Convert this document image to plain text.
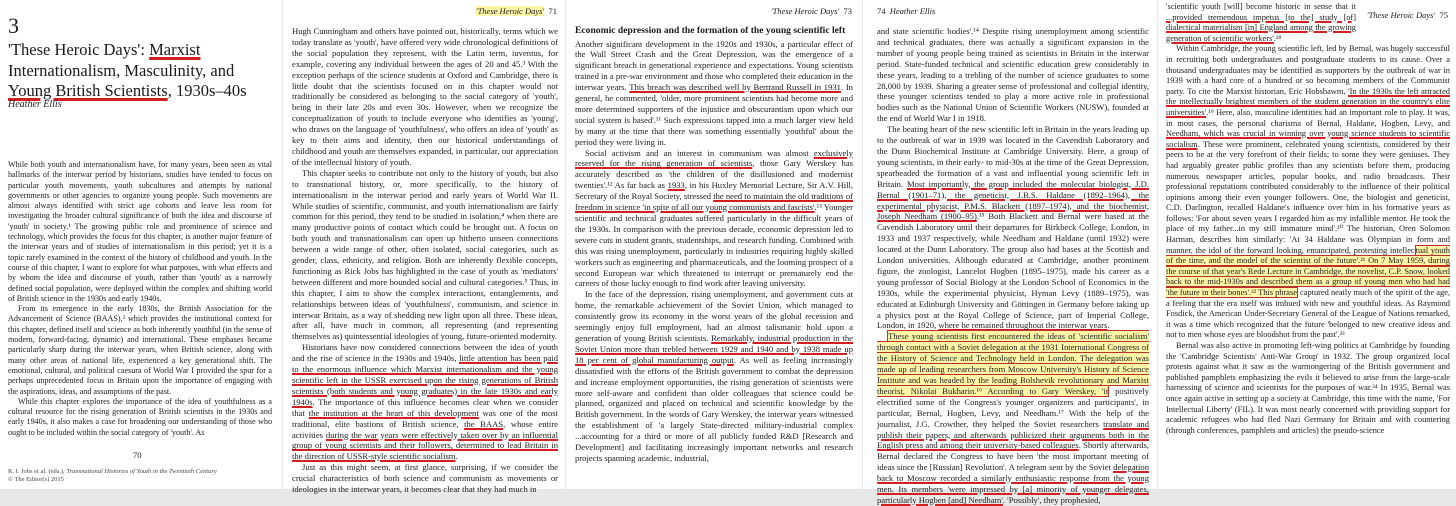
3
'These Heroic Days': Marxist Internationalism, Masculinity, and Young British Scientists, 1930s–40s
Heather Ellis

While both youth and internationalism have, for many years, been seen as vital hallmarks of the interwar period by historians, studies have tended to focus on particular youth movements, youth subcultures and attempts by national governments or other agencies to organize young people. Such movements are almost always identified with strict age cohorts and leave less room for investigating the broader cultural significance of both the idea and discourse of 'youth' in society.¹ The growing public role and prominence of science and technology, which provides the focus for this chapter, is another major feature of the interwar years and of studies of internationalism in this period; yet it is a topic rarely examined in the context of the history of childhood and youth. In the course of this chapter, I want to explore for what purposes, with what effects and by whom the idea and discourse of youth, rather than 'youth' as a narrowly defined social population, were deployed within the complex and shifting world of British science in the 1930s and early 1940s.

From its emergence in the early 1830s, the British Association for the Advancement of Science (BAAS),² which provides the institutional context for this chapter, defined itself and science as both inherently youthful (in the sense of modern, forward-facing, dynamic) and international. These emphases became particularly sharp during the interwar years, when British science, along with many other areas of national life, experienced a key generational shift. The emotional, cultural, and political caesura of World War I provided the spur for a perhaps unprecedented focus in Britain upon the importance of engaging with the aspirations, ideas, and assumptions of the past.

While this chapter explores the importance of the idea of youthfulness as a cultural resource for the rising generation of British scientists in the 1930s and early 1940s, it also makes a case for broadening our understanding of those who ought to be included within the social category of 'youth'. As

70
R. I. Jobs et al. (eds.), Transnational Histories of Youth in the Twentieth Century
© The Editor(s) 2015
'These Heroic Days' 71

Hugh Cunningham and others have pointed out, historically, terms which we today translate as 'youth', have offered very wide chronological definitions of the social population they represent, with the Latin term, iuventus, for example, covering any individual between the ages of 20 and 45.³ With the exception perhaps of the science students at Oxford and Cambridge, there is little doubt that the scientists focused on in this chapter would not traditionally be considered as belonging to the social category of 'youth', being in their late 20s and even 30s. However, when we recognize the conceptualization of youth to include everyone who identifies as 'young', who draws on the language of 'youthfulness', who offers an idea of 'youth' as key to their aims and identity, then our historical understandings of childhood and youth are themselves expanded, in particular, our appreciation of the intellectual history of youth.

This chapter seeks to contribute not only to the history of youth, but also to transnational history, or, more specifically, to the history of internationalism in the interwar period and early years of World War II. While studies of scientific, communist, and youth internationalism are fairly common for this period, they tend to be studied in isolation,⁴ when there are many productive points of contact which could be brought out. A focus on both youth and transnationalism can open up hitherto unseen connections between a wide range of other, often isolated, social categories, such as gender, class, ethnicity, and religion. Both are inherently flexible concepts, functioning as Rick Jobs has highlighted in the case of youth as 'mediators' between different and more bounded social and cultural categories.⁵ Thus, in this chapter, I aim to show the complex interactions, entanglements, and relationships between ideas of 'youthfulness', communism, and science in interwar Britain, as a way of shedding new light upon all three. These ideas, after all, have much in common, all representing (and representing themselves as) quintessential ideologies of young, future-oriented modernity.

Historians have now considered connections between the idea of youth and the rise of science in the 1930s and 1940s, little attention has been paid to the enormous influence which Marxist internationalism and the young scientific left in the USSR exercised upon the rising generations of British scientists (both students and young graduates) in the late 1930s and early 1940s. The importance of this influence becomes clear when we consider that the institution at the heart of this development was one of the most traditional, elite bastions of British science, the BAAS, whose entire activities during the war years were effectively taken over by an influential group of young scientists and their followers, determined to lead Britain in the direction of USSR-style scientific socialism.

Just as this might seem, at first glance, surprising, if we consider the crucial characteristics of both science and communism as movements or ideologies in the interwar years, it becomes clear that they had much in

'These Heroic Days' 73
Economic depression and the formation of the young scientific left

Another significant development in the 1920s and 1930s, a particular effect of the Wall Street Crash and the Great Depression, was the emergence of a significant breach in generational experience and expectations. Young scientists trained in a pre-war environment and those who completed their education in the interwar years. This breach was described well by Bertrand Russell in 1931. In general, he commented, 'older, more prominent scientists had become more and more determined supporters of the injustice and obscurantism upon which our social system is based'.¹¹ Such expressions tapped into a much larger view held by many at the time that there was something essentially 'youthful' about the period they were living in.

Social activism and an interest in communism was almost exclusively reserved for the rising generation of scientists, those Gary Werskey has accurately described as 'the children of the disillusioned and modernist twenties'.¹² As far back as 1933, in his Huxley Memorial Lecture, Sir A.V. Hill, Secretary of the Royal Society, stressed the need to maintain the old traditions of freedom in science 'in spite of all our young communists and fascists'.¹³ Younger scientific and technical graduates suffered particularly in the difficult years of the 1930s. In comparison with the previous decade, economic depression led to severe cuts in student grants, studentships, and research funding. Combined with this was rising unemployment, particularly in industries requiring highly skilled workers such as engineering and pharmaceuticals, and the looming prospect of a second European war which threatened to interrupt or prematurely end the careers of those lucky enough to find work after leaving university.

In the face of the depression, rising unemployment, and government cuts at home, the remarkable achievement of the Soviet Union, which managed to consistently grow its economy in the worst years of the global recession and seemingly enjoy full employment, had an almost talismanic hold upon a generation of young British scientists. Remarkably, industrial production in the Soviet Union more than trebled between 1929 and 1940 and by 1938 made up 18 per cent of global manufacturing output. As well as feeling increasingly dissatisfied with the efforts of the British government to combat the depression and increase employment opportunities, the rising generation of scientists were more self-aware and confident than older colleagues that science could be planned, organized and placed on technical and scientific knowledge by the British government. In the words of Gary Werskey, the interwar years witnessed the establishment of 'a largely State-directed military-industrial complex ...accounting for a third or more of all publicly funded R&D [Research and Development] and facilitating increasingly important networks and research projects spanning academic, industrial,

74 Heather Ellis

and state scientific bodies'.¹⁴ Despite rising unemployment among scientific and technical graduates, there was actually a significant expansion in the number of young people being trained as scientists in Britain in the interwar period. State-funded technical and scientific education grew considerably in these years, leading to a trebling of the number of science graduates to some 28,000 by 1939. Sharing a greater sense of professional and collegial identity, these younger scientists tended to play a more active role in professional bodies such as the National Union of Scientific Workers (NUSW), founded at the end of World War I in 1918.

The beating heart of the new scientific left in Britain in the years leading up to the outbreak of war in 1939 was located in the Cavendish Laboratory and the Dunn Biochemical Institute at Cambridge University. Here, a group of young scientists, in their early- to mid-30s at the time of the Great Depression, spearheaded the formation of a vast and influential young scientific left in Britain. Most importantly, the group included the molecular biologist, J.D. Bernal (1901–71), the geneticist, J.B.S. Haldane (1892–1964), the experimental physicist, P.M.S. Blackett (1897–1974), and the biochemist, Joseph Needham (1900–95).¹⁵ Both Blackett and Bernal were based at the Cavendish Laboratory until their departures for Birkbeck College, London, in 1933 and 1937 respectively, while Needham and Haldane (until 1932) were located at the Dunn Laboratory. The group also had bases at the Scottish and London universities. Although educated at Cambridge, another prominent figure, the zoologist, Lancelot Hogben (1895–1975), made his career as a young professor of Social Biology at the London School of Economics in the 1930s, while the experimental physicist, Hyman Levy (1889–1975), was educated at Edinburgh University and Göttingen in Germany before taking up a physics post at the Royal College of Science, part of Imperial College, London, in 1920, where he remained throughout the interwar years.

These young scientists first encountered the ideas of 'scientific socialism' through contact with a Soviet delegation at the 1931 International Congress of the History of Science and Technology held in London. The delegation was made up of leading researchers from Moscow University's History of Science Institute and was headed by the leading Bolshevik revolutionary and Marxist theorist, Nikolai Bukharin.¹⁶ According to Gary Werskey, 'it positively electrified some of the Congress's younger organizers and participants', in particular, Bernal, Hogben, Levy, and Needham.¹⁷ With the help of the journalist, J.G. Crowther, they helped the Soviet researchers translate and publish their papers, and afterwards publicized their arguments both in the English press and among their university-based colleagues. Shortly afterwards, Bernal declared the Congress to have been 'the most important meeting of ideas since the [Russian] Revolution'. A telegram sent by the Soviet delegation back to Moscow recorded a similarly enthusiastic response from the young men. Its members 'were impressed by [a] minority of younger delegates, particularly Hogben [and] Needham'. 'Possibly', they prophesied,

'These Heroic Days' 75

'scientific youth [will] become historic in sense that it ...provided tremendous impetus [to the] study [of] dialectical materialism [in] England among the growing generation of scientific workers'.¹⁸

Within Cambridge, the young scientific left, led by Bernal, was hugely successful in recruiting both undergraduates and postgraduate students to its cause. Over a thousand undergraduates may be identified as supporters by the outbreak of war in 1939 with a hard core of a hundred or so becoming members of the Communist party. To cite the Marxist historian, Eric Hobsbawm, 'In the 1930s the left attracted the intellectually brightest members of the student generation in the country's elite universities'.¹⁹ Here, also, masculine identities had an important role to play. It was, in most cases, the personal charisma of Bernal, Haldane, Hogben, Levy, and Needham, which was crucial in winning over young science students to scientific socialism. These were prominent, celebrated young scientists, considered by their peers to be at the very forefront of their fields; to some they were geniuses. They had arguably greater public profiles than any scientists before them, producing numerous newspaper articles, popular books, and radio broadcasts. Their professional reputations contributed considerably to the influence of their political opinions among their even younger followers. One, the biologist and geneticist, C.D. Darlington, recalled Haldane's influence over him in his formative years as follows: 'For about seven years I regarded him as my infallible mentor. He took the place of my father...in my still immature mind'.²⁰ The historian, Oren Solomon Harman, describes him similarly: 'At 34 Haldane was Olympian in form and manner, the idol of the forward looking, emancipated, protesting intellectual youth of the time, and the model of the scientist of the future'.²¹ On 7 May 1959, during the course of that year's Rede Lecture in Cambridge, the novelist, C.P. Snow, looked back to the mid-1930s and described them as a group of young men who had had 'the future in their bones'.²² This phrase captured neatly much of the spirit of the age, a feeling that the era itself was imbued with new and youthful ideas. As Raymond Fosdick, the American Under-Secretary General of the League of Nations remarked, it was a time which recognized that the future 'belonged to new creative ideas and not to men whose eyes are bloodshot from the past'.²³

Bernal was also active in promoting left-wing politics at Cambridge by founding the 'Cambridge Scientists' Anti-War Group' in 1932. The group organized local protests against what it saw as the warmongering of the British government and published pamphlets emphasizing the evils it believed to arise from the large-scale harnessing of science and scientists for the purposes of war.²⁴ In 1935, Bernal was once again active in setting up a society at Cambridge, this time with the name, 'For Intellectual Liberty' (FIL). It was most nearly concerned with providing support for academic refugees who had fled Nazi Germany for Britain and with countering (through conferences, pamphlets and articles) the pseudo-science
